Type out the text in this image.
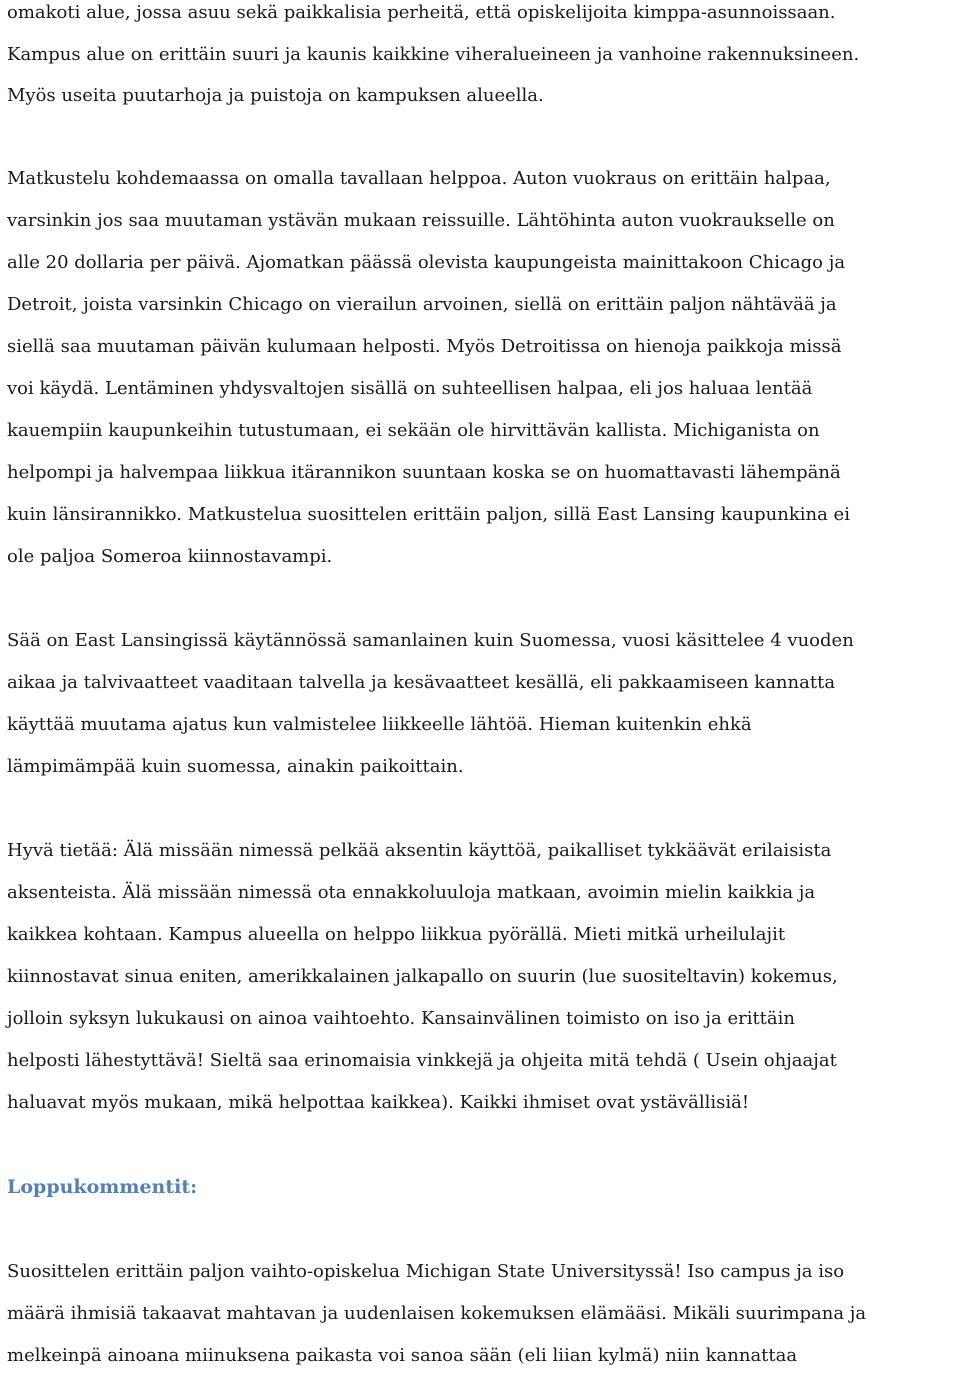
omakoti alue, jossa asuu sekä paikkalisia perheitä, että opiskelijoita kimppa-asunnoissaan.
Kampus alue on erittäin suuri ja kaunis kaikkine viheralueineen ja vanhoine rakennuksineen.
Myös useita puutarhoja ja puistoja on kampuksen alueella.
Matkustelu kohdemaassa on omalla tavallaan helppoa. Auton vuokraus on erittäin halpaa,
varsinkin jos saa muutaman ystävän mukaan reissuille. Lähtöhinta auton vuokraukselle on
alle 20 dollaria per päivä. Ajomatkan päässä olevista kaupungeista mainittakoon Chicago ja
Detroit, joista varsinkin Chicago on vierailun arvoinen, siellä on erittäin paljon nähtävää ja
siellä saa muutaman päivän kulumaan helposti. Myös Detroitissa on hienoja paikkoja missä
voi käydä. Lentäminen yhdysvaltojen sisällä on suhteellisen halpaa, eli jos haluaa lentää
kauempiin kaupunkeihin tutustumaan, ei sekään ole hirvittävän kallista. Michiganista on
helpompi ja halvempaa liikkua itärannikon suuntaan koska se on huomattavasti lähempänä
kuin länsirannikko. Matkustelua suosittelen erittäin paljon, sillä East Lansing kaupunkina ei
ole paljoa Someroa kiinnostavampi.
Sää on East Lansingissä käytännössä samanlainen kuin Suomessa, vuosi käsittelee 4 vuoden
aikaa ja talvivaatteet vaaditaan talvella ja kesävaatteet kesällä, eli pakkaamiseen kannatta
käyttää muutama ajatus kun valmistelee liikkeelle lähtöä. Hieman kuitenkin ehkä
lämpimämpää kuin suomessa, ainakin paikoittain.
Hyvä tietää: Älä missään nimessä pelkää aksentin käyttöä, paikalliset tykkäävät erilaisista
aksenteista. Älä missään nimessä ota ennakkoluuloja matkaan, avoimin mielin kaikkia ja
kaikkea kohtaan. Kampus alueella on helppo liikkua pyörällä. Mieti mitkä urheilulajit
kiinnostavat sinua eniten, amerikkalainen jalkapallo on suurin (lue suositeltavin) kokemus,
jolloin syksyn lukukausi on ainoa vaihtoehto. Kansainvälinen toimisto on iso ja erittäin
helposti lähestyttävä! Sieltä saa erinomaisia vinkkejä ja ohjeita mitä tehdä ( Usein ohjaajat
haluavat myös mukaan, mikä helpottaa kaikkea). Kaikki ihmiset ovat ystävällisiä!
Loppukommentit:
Suosittelen erittäin paljon vaihto-opiskelua Michigan State Universityssä! Iso campus ja iso
määrä ihmisiä takaavat mahtavan ja uudenlaisen kokemuksen elämääsi. Mikäli suurimpana ja
melkeinpä ainoana miinuksena paikasta voi sanoa sään (eli liian kylmä) niin kannattaa
